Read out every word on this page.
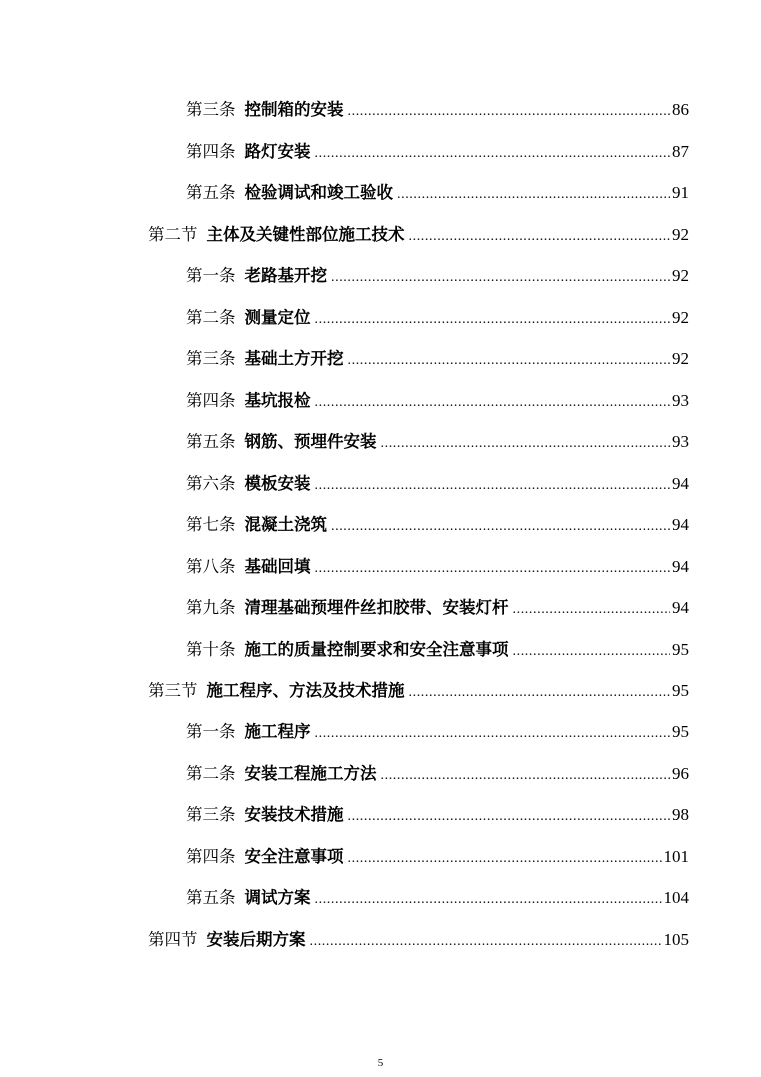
第三条 控制箱的安装 .....	86
第四条 路灯安装 .....	87
第五条 检验调试和竣工验收 .....	91
第二节 主体及关键性部位施工技术 .....	92
第一条 老路基开挖 .....	92
第二条 测量定位 .....	92
第三条 基础土方开挖 .....	92
第四条 基坑报检 .....	93
第五条 钢筋、预埋件安装 .....	93
第六条 模板安装 .....	94
第七条 混凝土浇筑 .....	94
第八条 基础回填 .....	94
第九条 清理基础预埋件丝扣胶带、安装灯杆 .....	94
第十条 施工的质量控制要求和安全注意事项 .....	95
第三节 施工程序、方法及技术措施 .....	95
第一条 施工程序 .....	95
第二条 安装工程施工方法 .....	96
第三条 安装技术措施 .....	98
第四条 安全注意事项 .....	101
第五条 调试方案 .....	104
第四节 安装后期方案 .....	105
5
